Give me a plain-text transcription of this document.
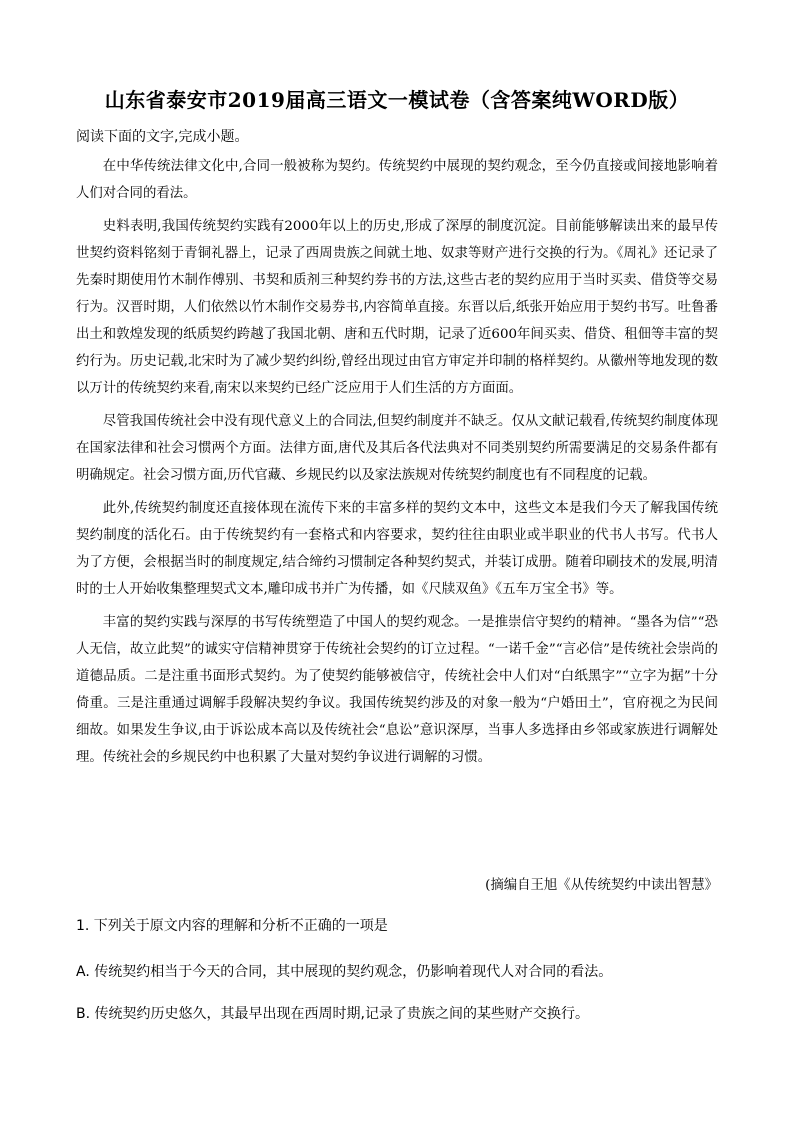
山东省泰安市2019届高三语文一模试卷（含答案纯WORD版）
阅读下面的文字,完成小题。

在中华传统法律文化中,合同一般被称为契约。传统契约中展现的契约观念，至今仍直接或间接地影响着人们对合同的看法。

史料表明,我国传统契约实践有2000年以上的历史,形成了深厚的制度沉淀。目前能够解读出来的最早传世契约资料铭刻于青铜礼器上，记录了西周贵族之间就土地、奴隶等财产进行交换的行为。《周礼》还记录了先秦时期使用竹木制作傅别、书契和质剂三种契约券书的方法,这些古老的契约应用于当时买卖、借贷等交易行为。汉晋时期，人们依然以竹木制作交易券书,内容简单直接。东晋以后,纸张开始应用于契约书写。吐鲁番出土和敦煌发现的纸质契约跨越了我国北朝、唐和五代时期，记录了近600年间买卖、借贷、租佃等丰富的契约行为。历史记载,北宋时为了减少契约纠纷,曾经出现过由官方审定并印制的格样契约。从徽州等地发现的数以万计的传统契约来看,南宋以来契约已经广泛应用于人们生活的方方面面。

尽管我国传统社会中没有现代意义上的合同法,但契约制度并不缺乏。仅从文献记载看,传统契约制度体现在国家法律和社会习惯两个方面。法律方面,唐代及其后各代法典对不同类别契约所需要满足的交易条件都有明确规定。社会习惯方面,历代官藏、乡规民约以及家法族规对传统契约制度也有不同程度的记载。

此外,传统契约制度还直接体现在流传下来的丰富多样的契约文本中，这些文本是我们今天了解我国传统契约制度的活化石。由于传统契约有一套格式和内容要求，契约往往由职业或半职业的代书人书写。代书人为了方便，会根据当时的制度规定,结合缔约习惯制定各种契约契式，并装订成册。随着印刷技术的发展,明清时的士人开始收集整理契式文本,雕印成书并广为传播，如《尺牍双鱼》《五车万宝全书》等。

丰富的契约实践与深厚的书写传统塑造了中国人的契约观念。一是推崇信守契约的精神。“墨各为信”“恐人无信，故立此契”的诚实守信精神贯穿于传统社会契约的订立过程。“一诺千金”“言必信”是传统社会崇尚的道德品质。二是注重书面形式契约。为了使契约能够被信守，传统社会中人们对“白纸黑字”“立字为据”十分倚重。三是注重通过调解手段解决契约争议。我国传统契约涉及的对象一般为“户婚田土”，官府视之为民间细故。如果发生争议,由于诉讼成本高以及传统社会“息讼”意识深厚，当事人多选择由乡邻或家族进行调解处理。传统社会的乡规民约中也积累了大量对契约争议进行调解的习惯。

(摘编自王旭《从传统契约中读出智慧》
1. 下列关于原文内容的理解和分析不正确的一项是
A. 传统契约相当于今天的合同，其中展现的契约观念，仍影响着现代人对合同的看法。
B. 传统契约历史悠久，其最早出现在西周时期,记录了贵族之间的某些财产交换行。
